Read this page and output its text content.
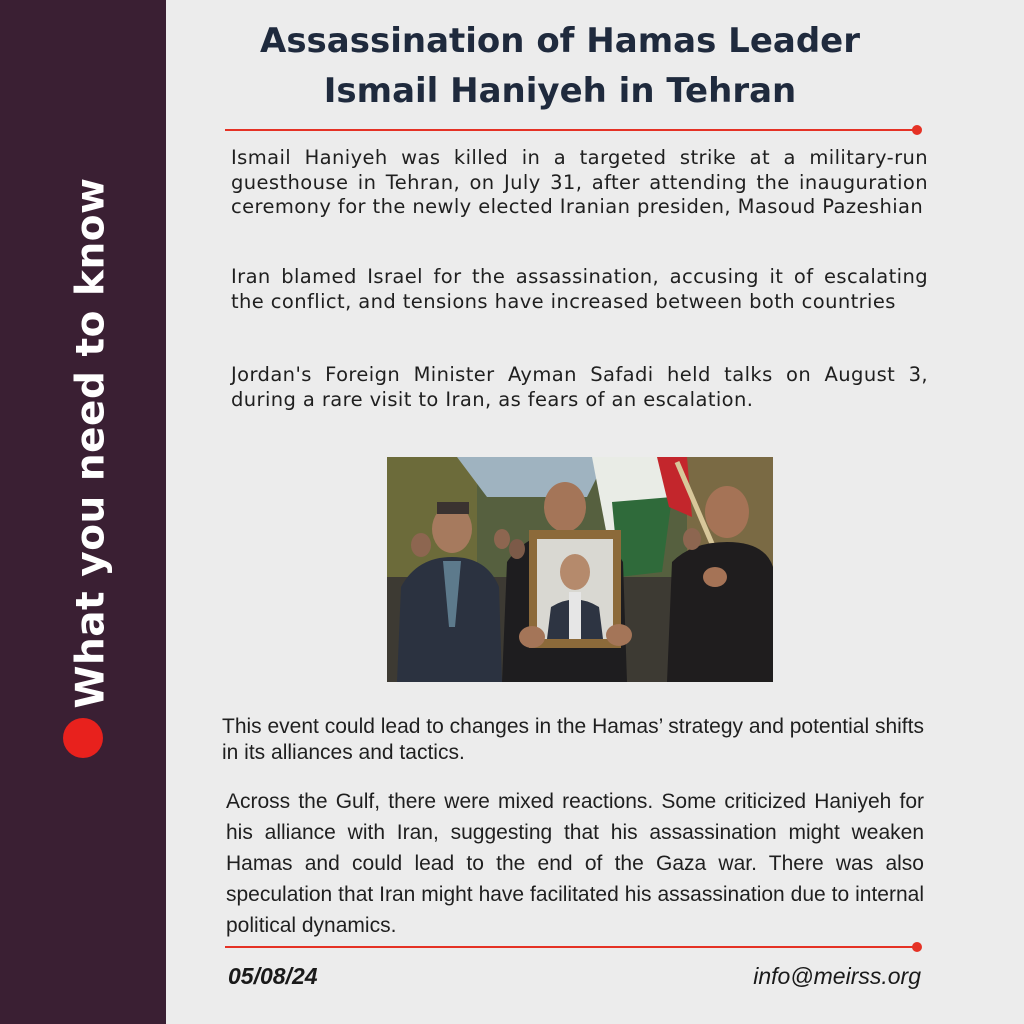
What you need to know
Assassination of Hamas Leader Ismail Haniyeh in Tehran

Ismail Haniyeh was killed in a targeted strike at a military-run guesthouse in Tehran, on July 31, after attending the inauguration ceremony for the newly elected Iranian presiden, Masoud Pazeshian

Iran blamed Israel for the assassination, accusing it of escalating the conflict, and tensions have increased between both countries

Jordan's Foreign Minister Ayman Safadi held talks on August 3, during a rare visit to Iran, as fears of an escalation.

This event could lead to changes in the Hamas’ strategy and potential shifts in its alliances and tactics.

Across the Gulf, there were mixed reactions. Some criticized Haniyeh for his alliance with Iran, suggesting that his assassination might weaken Hamas and could lead to the end of the Gaza war. There was also speculation that Iran might have facilitated his assassination due to internal political dynamics.

05/08/24	info@meirss.org
